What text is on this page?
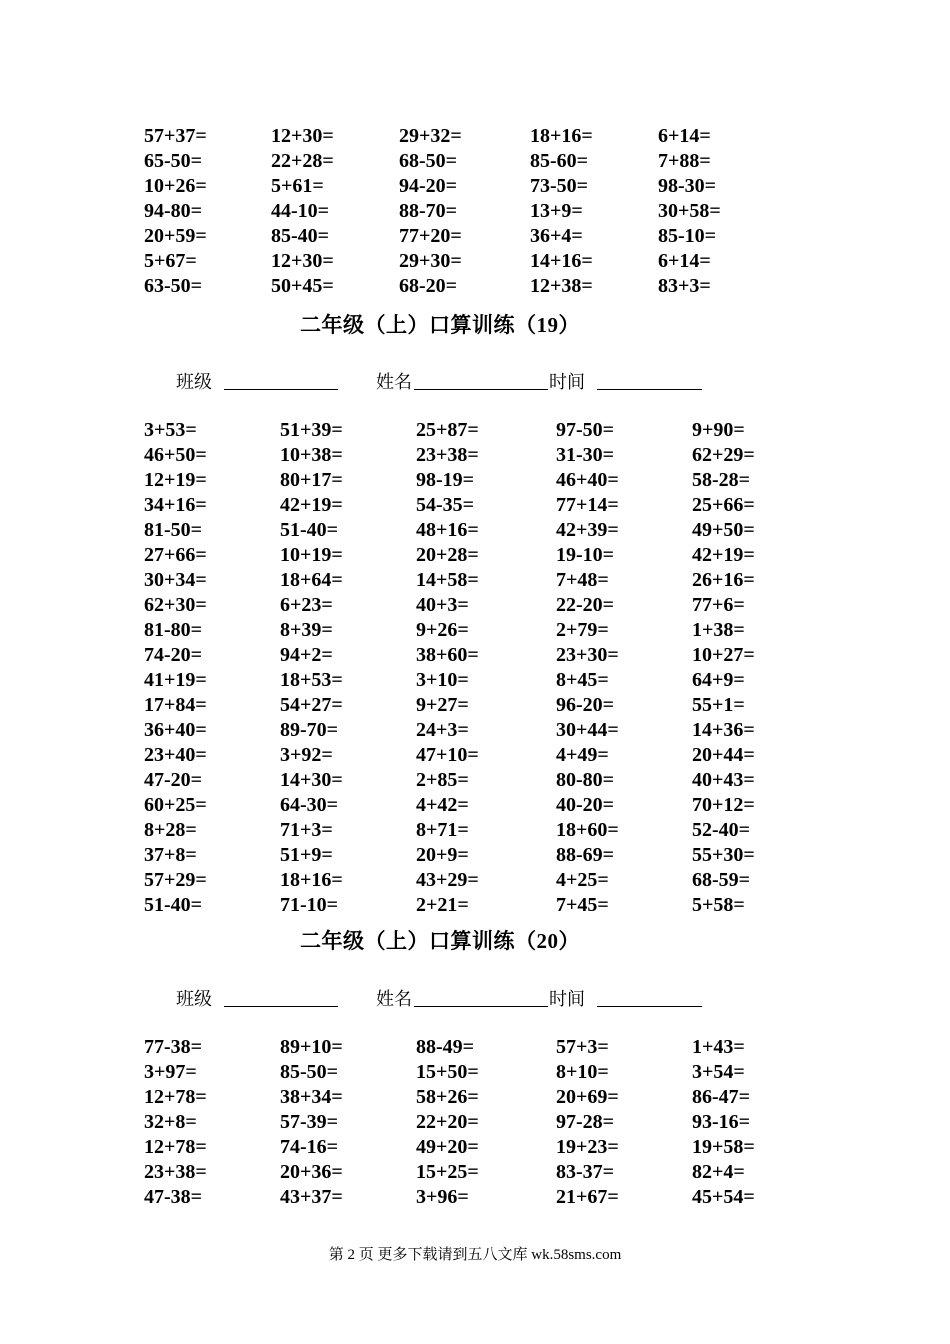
57+37=	12+30=	29+32=	18+16=	6+14=
65-50=	22+28=	68-50=	85-60=	7+88=
10+26=	5+61=	94-20=	73-50=	98-30=
94-80=	44-10=	88-70=	13+9=	30+58=
20+59=	85-40=	77+20=	36+4=	85-10=
5+67=	12+30=	29+30=	14+16=	6+14=
63-50=	50+45=	68-20=	12+38=	83+3=
二年级（上）口算训练（19）
班级	姓名	时间
3+53=	51+39=	25+87=	97-50=	9+90=
46+50=	10+38=	23+38=	31-30=	62+29=
12+19=	80+17=	98-19=	46+40=	58-28=
34+16=	42+19=	54-35=	77+14=	25+66=
81-50=	51-40=	48+16=	42+39=	49+50=
27+66=	10+19=	20+28=	19-10=	42+19=
30+34=	18+64=	14+58=	7+48=	26+16=
62+30=	6+23=	40+3=	22-20=	77+6=
81-80=	8+39=	9+26=	2+79=	1+38=
74-20=	94+2=	38+60=	23+30=	10+27=
41+19=	18+53=	3+10=	8+45=	64+9=
17+84=	54+27=	9+27=	96-20=	55+1=
36+40=	89-70=	24+3=	30+44=	14+36=
23+40=	3+92=	47+10=	4+49=	20+44=
47-20=	14+30=	2+85=	80-80=	40+43=
60+25=	64-30=	4+42=	40-20=	70+12=
8+28=	71+3=	8+71=	18+60=	52-40=
37+8=	51+9=	20+9=	88-69=	55+30=
57+29=	18+16=	43+29=	4+25=	68-59=
51-40=	71-10=	2+21=	7+45=	5+58=
二年级（上）口算训练（20）
班级	姓名	时间
77-38=	89+10=	88-49=	57+3=	1+43=
3+97=	85-50=	15+50=	8+10=	3+54=
12+78=	38+34=	58+26=	20+69=	86-47=
32+8=	57-39=	22+20=	97-28=	93-16=
12+78=	74-16=	49+20=	19+23=	19+58=
23+38=	20+36=	15+25=	83-37=	82+4=
47-38=	43+37=	3+96=	21+67=	45+54=
第 2 页 更多下载请到五八文库 wk.58sms.com
